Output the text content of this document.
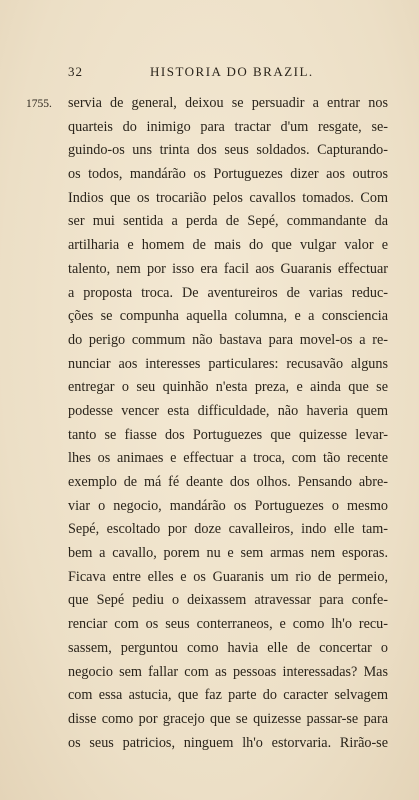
32	HISTORIA DO BRAZIL.
1755. servia de general, deixou se persuadir a entrar nos
quarteis do inimigo para tractar d'um resgate, se-
guindo-os uns trinta dos seus soldados. Capturando-
os todos, mandárão os Portuguezes dizer aos outros
Indios que os trocarião pelos cavallos tomados. Com
ser mui sentida a perda de Sepé, commandante da
artilharia e homem de mais do que vulgar valor e
talento, nem por isso era facil aos Guaranis effectuar
a proposta troca. De aventureiros de varias reduc-
ções se compunha aquella columna, e a consciencia
do perigo commum não bastava para movel-os a re-
nunciar aos interesses particulares: recusavão alguns
entregar o seu quinhão n'esta preza, e ainda que se
podesse vencer esta difficuldade, não haveria quem
tanto se fiasse dos Portuguezes que quizesse levar-
lhes os animaes e effectuar a troca, com tão recente
exemplo de má fé deante dos olhos. Pensando abre-
viar o negocio, mandárão os Portuguezes o mesmo
Sepé, escoltado por doze cavalleiros, indo elle tam-
bem a cavallo, porem nu e sem armas nem esporas.
Ficava entre elles e os Guaranis um rio de permeio,
que Sepé pediu o deixassem atravessar para confe-
renciar com os seus conterraneos, e como lh'o recu-
sassem, perguntou como havia elle de concertar o
negocio sem fallar com as pessoas interessadas? Mas
com essa astucia, que faz parte do caracter selvagem
disse como por gracejo que se quizesse passar-se para
os seus patricios, ninguem lh'o estorvaria. Rirão-se
